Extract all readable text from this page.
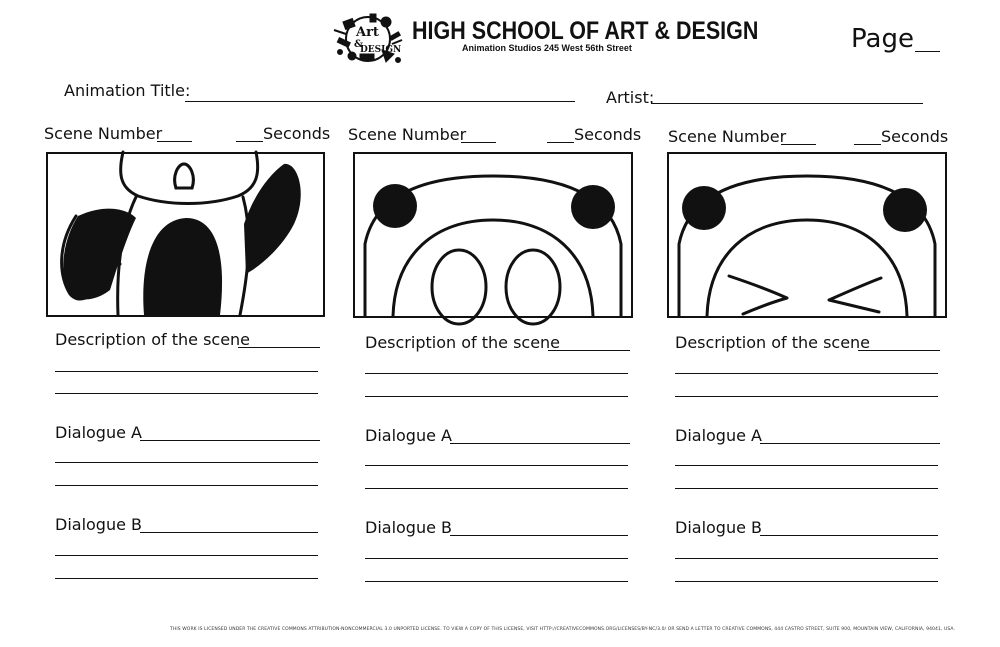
Art
&
DESIGN
HIGH SCHOOL OF ART & DESIGN
Animation Studios 245 West 56th Street	Page
Animation Title:	Artist:
Scene Number	Seconds
Description of the scene
Dialogue A
Dialogue B
Scene Number	Seconds
Description of the scene
Dialogue A
Dialogue B
Scene Number	Seconds
Description of the scene
Dialogue A
Dialogue B
THIS WORK IS LICENSED UNDER THE CREATIVE COMMONS ATTRIBUTION-NONCOMMERCIAL 3.0 UNPORTED LICENSE. TO VIEW A COPY OF THIS LICENSE, VISIT HTTP://CREATIVECOMMONS.ORG/LICENSES/BY-NC/3.0/ OR SEND A LETTER TO CREATIVE COMMONS, 444 CASTRO STREET, SUITE 900, MOUNTAIN VIEW, CALIFORNIA, 94041, USA.
